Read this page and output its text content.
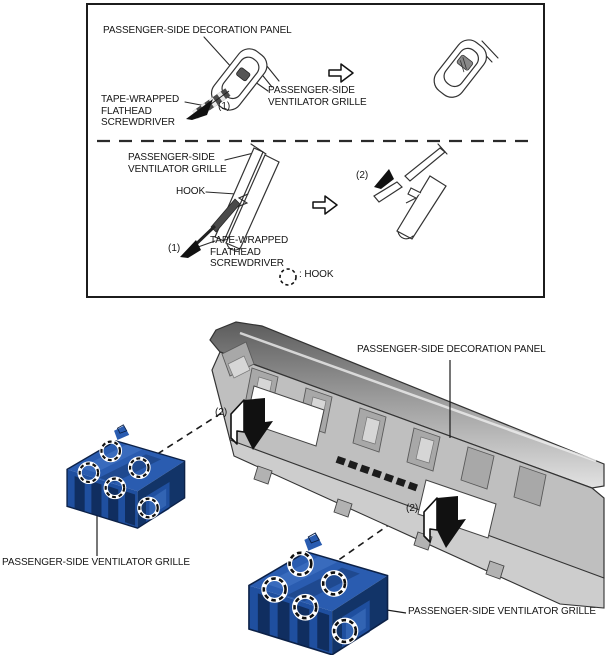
PASSENGER-SIDE DECORATION PANEL
TAPE-WRAPPED FLATHEAD SCREWDRIVER
(1)
PASSENGER-SIDE VENTILATOR GRILLE
PASSENGER-SIDE VENTILATOR GRILLE
HOOK
(1)
TAPE-WRAPPED FLATHEAD SCREWDRIVER
(2)
: HOOK
PASSENGER-SIDE DECORATION PANEL
(2)
(2)
PASSENGER-SIDE VENTILATOR GRILLE
PASSENGER-SIDE VENTILATOR GRILLE
